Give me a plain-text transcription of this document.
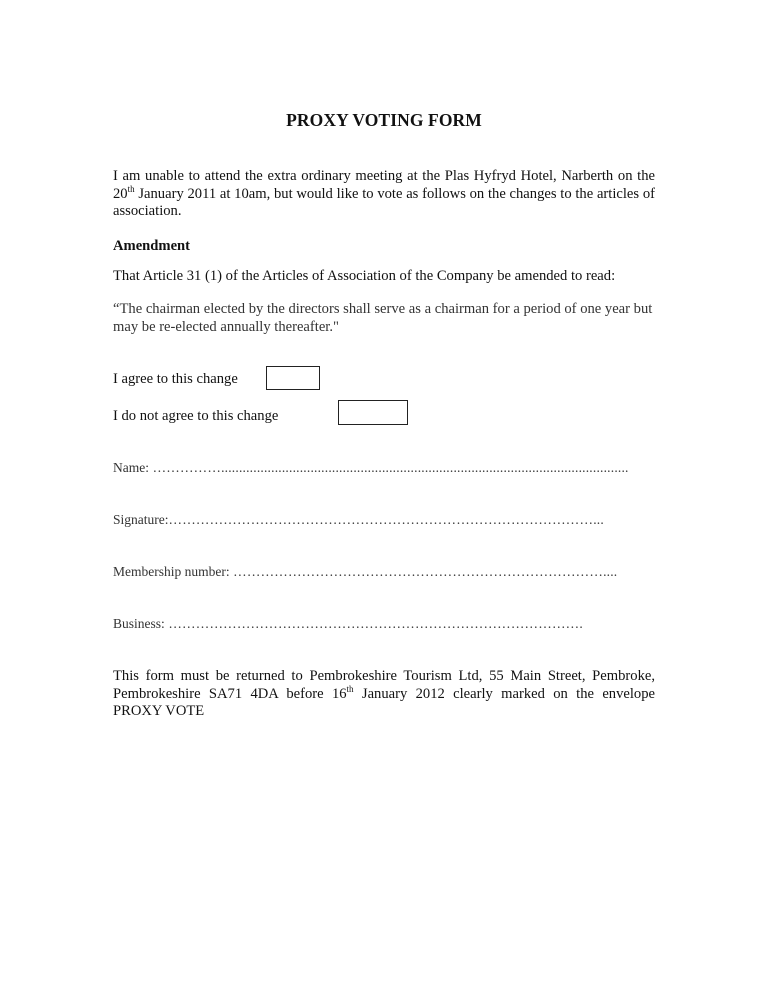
PROXY VOTING FORM
I am unable to attend the extra ordinary meeting at the Plas Hyfryd Hotel, Narberth on the 20th January 2011 at 10am, but would like to vote as follows on the changes to the articles of association.
Amendment
That Article 31 (1) of the Articles of Association of the Company be amended to read:
“The chairman elected by the directors shall serve as a chairman for a period of one year but may be re-elected annually thereafter."
I agree to this change
I do not agree to this change
Name: ……………..................................................................................................................
Signature:…………………………………………………………………………………...
Membership number: ………………………………………………………………………....
Business: ……………………………………………………………………………….
This form must be returned to Pembrokeshire Tourism Ltd, 55 Main Street, Pembroke, Pembrokeshire SA71 4DA before 16th January 2012 clearly marked on the envelope PROXY VOTE
